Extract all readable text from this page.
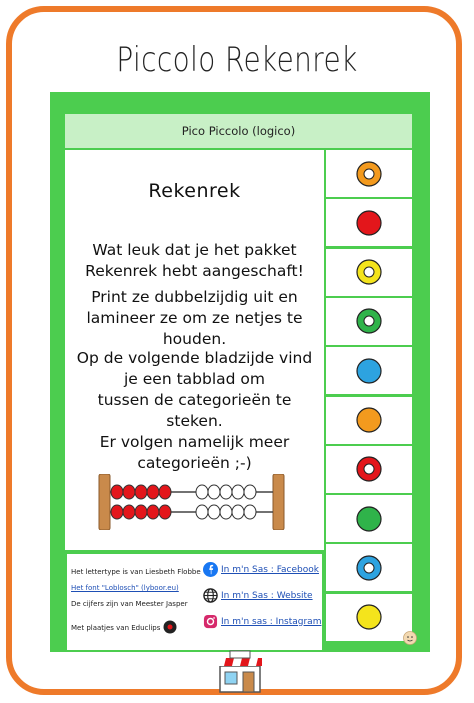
Piccolo Rekenrek
Pico Piccolo (logico)
Rekenrek
Wat leuk dat je het pakket
Rekenrek hebt aangeschaft!
Print ze dubbelzijdig uit en
lamineer ze om ze netjes te
houden.
Op de volgende bladzijde vind
je een tabblad om
tussen de categorieën te
steken.
Er volgen namelijk meer
categorieën ;-)
Het lettertype is van Liesbeth Flobbe
Het font "Loblosch" (lyboor.eu)
De cijfers zijn van Meester Jasper
Met plaatjes van Educlips
In m'n Sas : Facebook
In m'n Sas : Website
In m'n sas : Instagram
